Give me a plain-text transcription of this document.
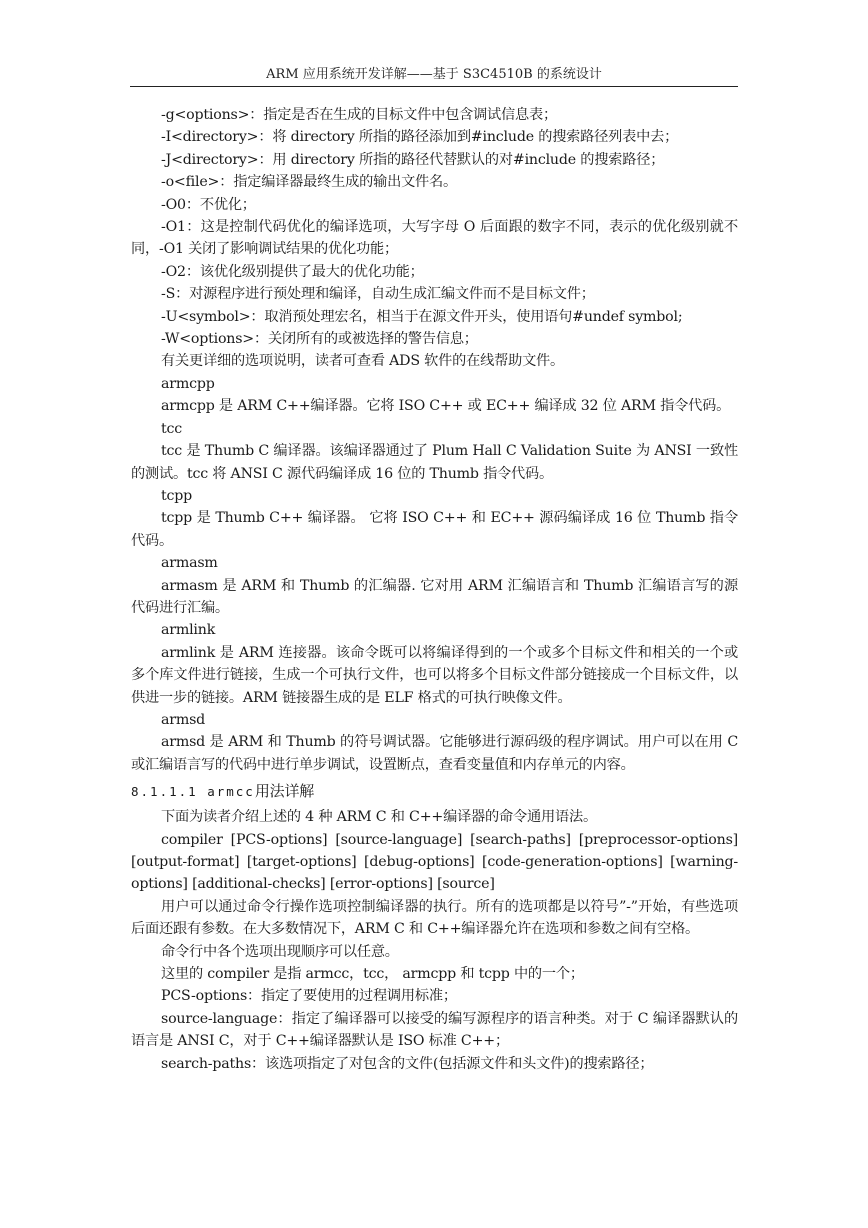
ARM 应用系统开发详解——基于 S3C4510B 的系统设计

-g<options>：指定是否在生成的目标文件中包含调试信息表；

-I<directory>：将 directory 所指的路径添加到#include 的搜索路径列表中去；

-J<directory>：用 directory 所指的路径代替默认的对#include 的搜索路径；

-o<file>：指定编译器最终生成的输出文件名。

-O0：不优化；

-O1：这是控制代码优化的编译选项，大写字母 O 后面跟的数字不同，表示的优化级别就不同，-O1 关闭了影响调试结果的优化功能；

-O2：该优化级别提供了最大的优化功能；

-S：对源程序进行预处理和编译，自动生成汇编文件而不是目标文件；

-U<symbol>：取消预处理宏名，相当于在源文件开头，使用语句#undef symbol;

-W<options>：关闭所有的或被选择的警告信息；

有关更详细的选项说明，读者可查看 ADS 软件的在线帮助文件。

armcpp

armcpp 是 ARM C++编译器。它将 ISO C++ 或 EC++ 编译成 32 位 ARM 指令代码。

tcc

tcc 是 Thumb C 编译器。该编译器通过了 Plum Hall C Validation Suite 为 ANSI 一致性的测试。tcc 将 ANSI C 源代码编译成 16 位的 Thumb 指令代码。

tcpp

tcpp 是 Thumb C++ 编译器。 它将 ISO C++ 和 EC++ 源码编译成 16 位 Thumb 指令代码。

armasm

armasm 是 ARM 和 Thumb 的汇编器. 它对用 ARM 汇编语言和 Thumb 汇编语言写的源代码进行汇编。

armlink

armlink 是 ARM 连接器。该命令既可以将编译得到的一个或多个目标文件和相关的一个或多个库文件进行链接，生成一个可执行文件，也可以将多个目标文件部分链接成一个目标文件，以供进一步的链接。ARM 链接器生成的是 ELF 格式的可执行映像文件。

armsd

armsd 是 ARM 和 Thumb 的符号调试器。它能够进行源码级的程序调试。用户可以在用 C 或汇编语言写的代码中进行单步调试，设置断点，查看变量值和内存单元的内容。

8.1.1.1 armcc用法详解

下面为读者介绍上述的 4 种 ARM C 和 C++编译器的命令通用语法。

compiler [PCS-options] [source-language] [search-paths] [preprocessor-options] [output-format] [target-options] [debug-options] [code-generation-options] [warning-options] [additional-checks] [error-options] [source]

用户可以通过命令行操作选项控制编译器的执行。所有的选项都是以符号”-”开始，有些选项后面还跟有参数。在大多数情况下，ARM C 和 C++编译器允许在选项和参数之间有空格。

命令行中各个选项出现顺序可以任意。

这里的 compiler 是指 armcc，tcc， armcpp 和 tcpp 中的一个；

PCS-options：指定了要使用的过程调用标准；

source-language：指定了编译器可以接受的编写源程序的语言种类。对于 C 编译器默认的语言是 ANSI C，对于 C++编译器默认是 ISO 标准 C++；

search-paths：该选项指定了对包含的文件(包括源文件和头文件)的搜索路径；
